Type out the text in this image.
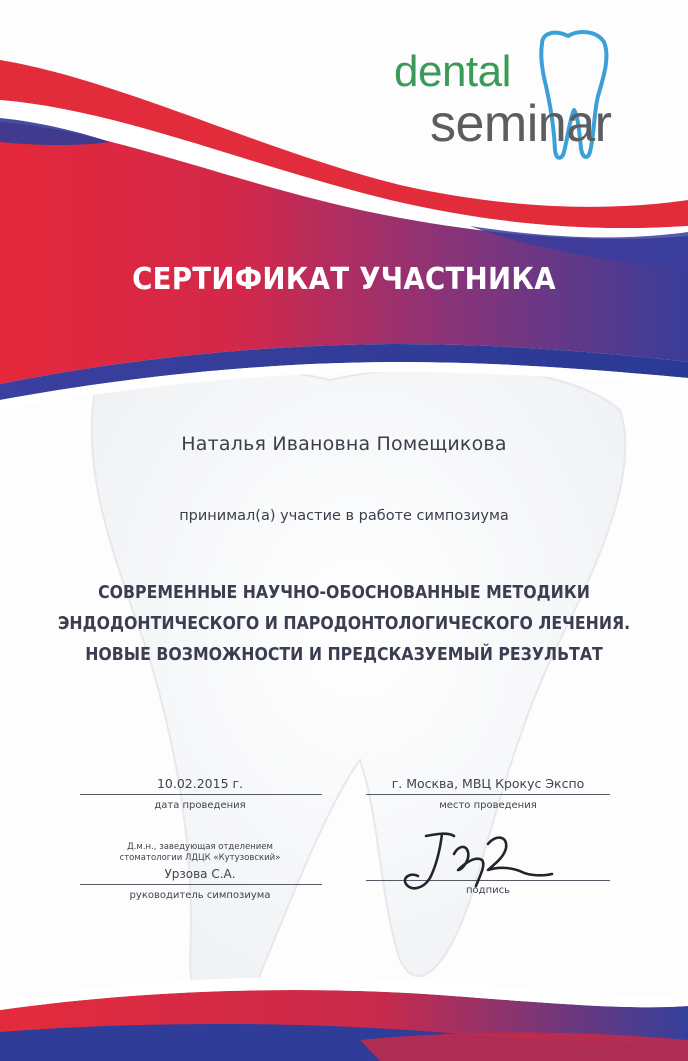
dental
seminar
СЕРТИФИКАТ УЧАСТНИКА
Наталья Ивановна Помещикова
принимал(а) участие в работе симпозиума
СОВРЕМЕННЫЕ НАУЧНО-ОБОСНОВАННЫЕ МЕТОДИКИ
ЭНДОДОНТИЧЕСКОГО И ПАРОДОНТОЛОГИЧЕСКОГО ЛЕЧЕНИЯ.
НОВЫЕ ВОЗМОЖНОСТИ И ПРЕДСКАЗУЕМЫЙ РЕЗУЛЬТАТ
10.02.2015 г.
дата проведения
г. Москва, МВЦ Крокус Экспо
место проведения
Д.м.н., заведующая отделением
стоматологии ЛДЦК «Кутузовский»
Урзова С.А.
руководитель симпозиума	подпись
